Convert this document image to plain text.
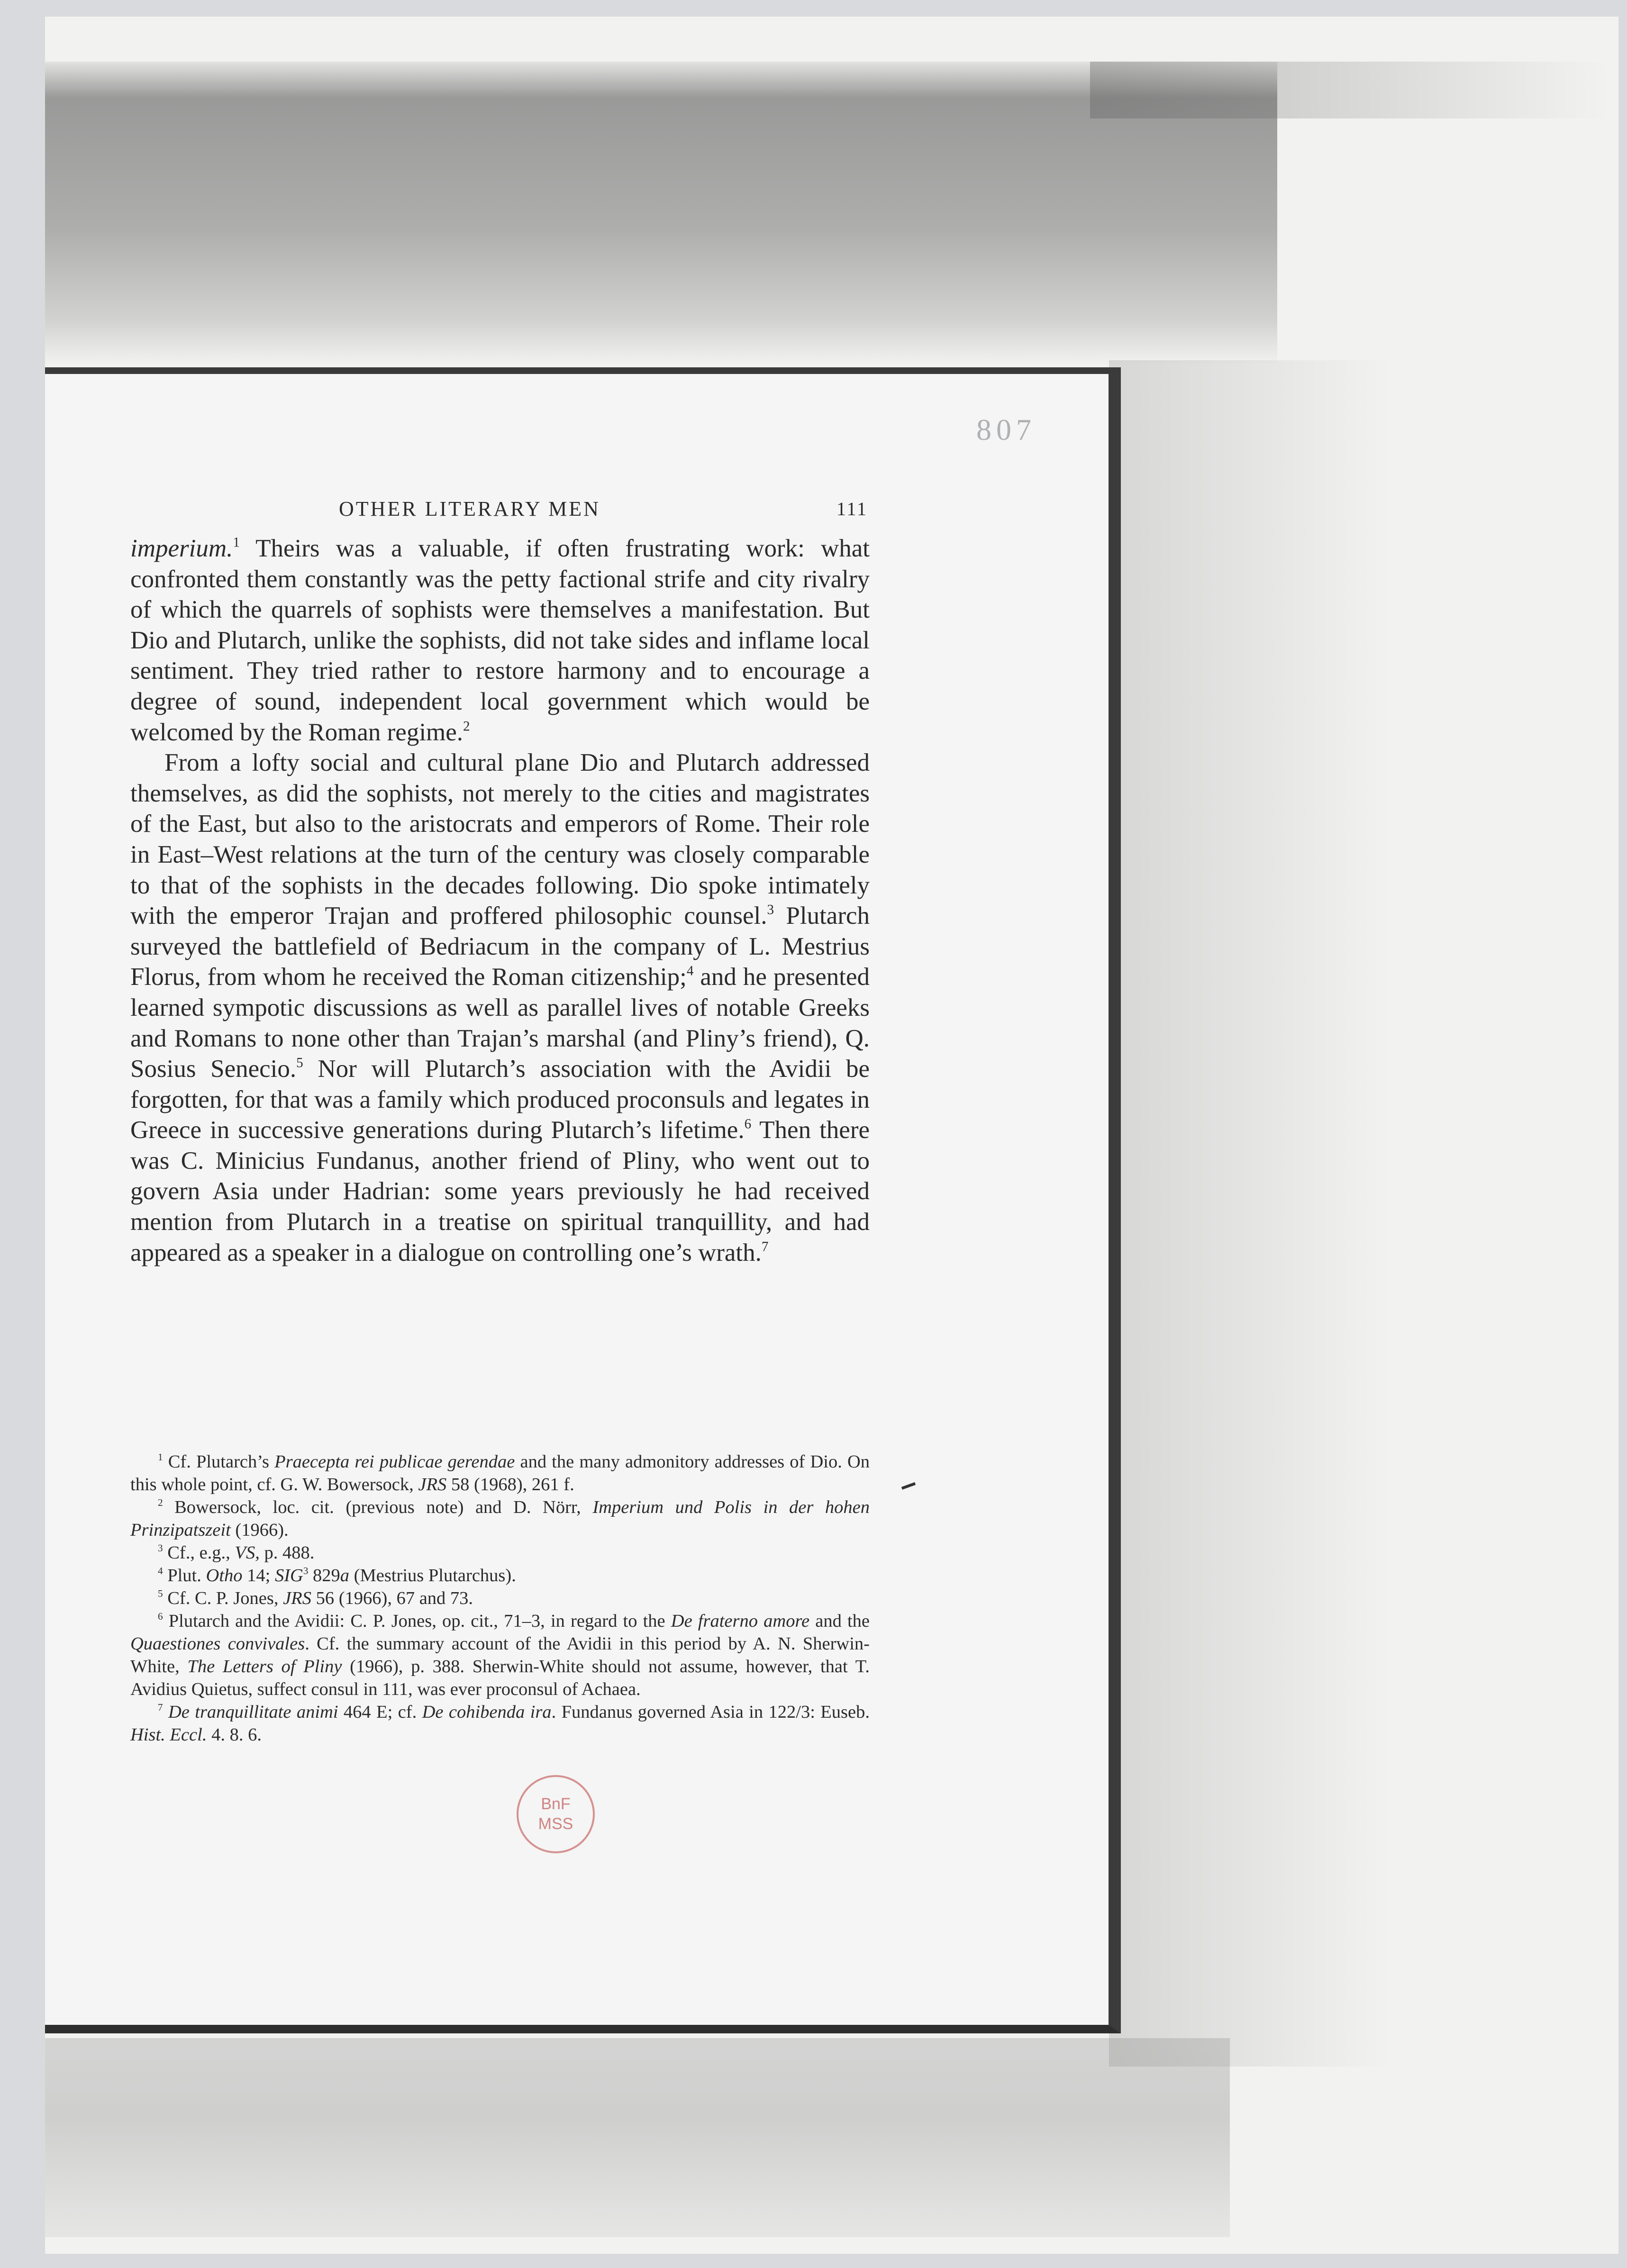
807
OTHER LITERARY MEN	111

imperium.$^1$ Theirs was a valuable, if often frustrating work: what confronted them constantly was the petty factional strife and city rivalry of which the quarrels of sophists were themselves a manifestation. But Dio and Plutarch, unlike the sophists, did not take sides and inflame local sentiment. They tried rather to restore harmony and to encourage a degree of sound, independent local government which would be welcomed by the Roman regime.$^2$

From a lofty social and cultural plane Dio and Plutarch addressed themselves, as did the sophists, not merely to the cities and magistrates of the East, but also to the aristocrats and emperors of Rome. Their role in East–West relations at the turn of the century was closely comparable to that of the sophists in the decades following. Dio spoke intimately with the emperor Trajan and proffered philosophic counsel.$^3$ Plutarch surveyed the battlefield of Bedriacum in the company of L. Mestrius Florus, from whom he received the Roman citizenship;$^4$ and he presented learned sympotic discussions as well as parallel lives of notable Greeks and Romans to none other than Trajan’s marshal (and Pliny’s friend), Q. Sosius Senecio.$^5$ Nor will Plutarch’s association with the Avidii be forgotten, for that was a family which produced proconsuls and legates in Greece in successive generations during Plutarch’s lifetime.$^6$ Then there was C. Minicius Fundanus, another friend of Pliny, who went out to govern Asia under Hadrian: some years previously he had received mention from Plutarch in a treatise on spiritual tranquillity, and had appeared as a speaker in a dialogue on controlling one’s wrath.$^7$

$^1$ Cf. Plutarch’s Praecepta rei publicae gerendae and the many admonitory addresses of Dio. On this whole point, cf. G. W. Bowersock, JRS 58 (1968), 261 f.

$^2$ Bowersock, loc. cit. (previous note) and D. Nörr, Imperium und Polis in der hohen Prinzipatszeit (1966).

$^3$ Cf., e.g., VS, p. 488.

$^4$ Plut. Otho 14; SIG$^3$ 829a (Mestrius Plutarchus).

$^5$ Cf. C. P. Jones, JRS 56 (1966), 67 and 73.

$^6$ Plutarch and the Avidii: C. P. Jones, op. cit., 71–3, in regard to the De fraterno amore and the Quaestiones convivales. Cf. the summary account of the Avidii in this period by A. N. Sherwin-White, The Letters of Pliny (1966), p. 388. Sherwin-White should not assume, however, that T. Avidius Quietus, suffect consul in 111, was ever proconsul of Achaea.

$^7$ De tranquillitate animi 464 E; cf. De cohibenda ira. Fundanus governed Asia in 122/3: Euseb. Hist. Eccl. 4. 8. 6.

BnF
MSS
